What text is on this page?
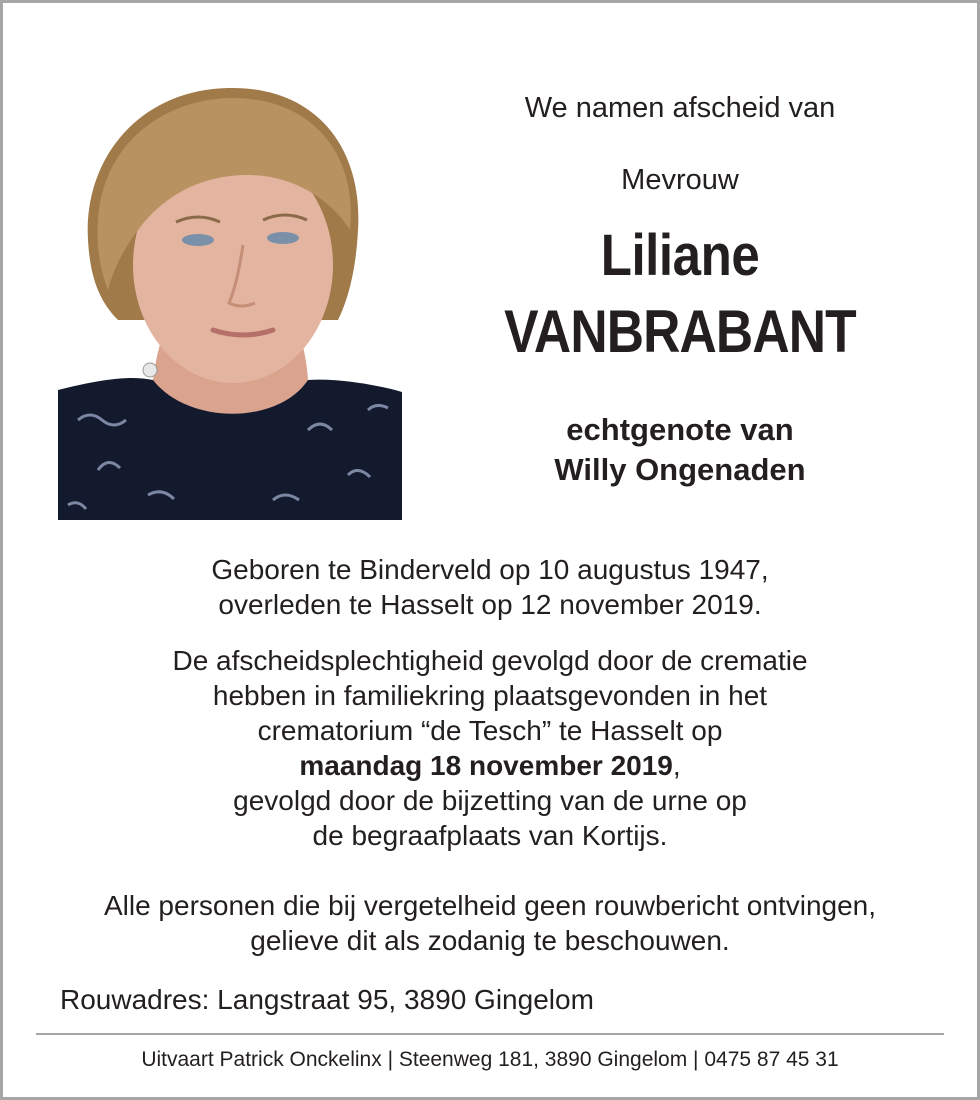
We namen afscheid van

Mevrouw

Liliane

VANBRABANT

echtgenote van
Willy Ongenaden

Geboren te Binderveld op 10 augustus 1947,
overleden te Hasselt op 12 november 2019.

De afscheidsplechtigheid gevolgd door de crematie
hebben in familiekring plaatsgevonden in het
crematorium “de Tesch” te Hasselt op
maandag 18 november 2019,
gevolgd door de bijzetting van de urne op
de begraafplaats van Kortijs.

Alle personen die bij vergetelheid geen rouwbericht ontvingen,
gelieve dit als zodanig te beschouwen.

Rouwadres: Langstraat 95, 3890 Gingelom
Uitvaart Patrick Onckelinx | Steenweg 181, 3890 Gingelom | 0475 87 45 31
